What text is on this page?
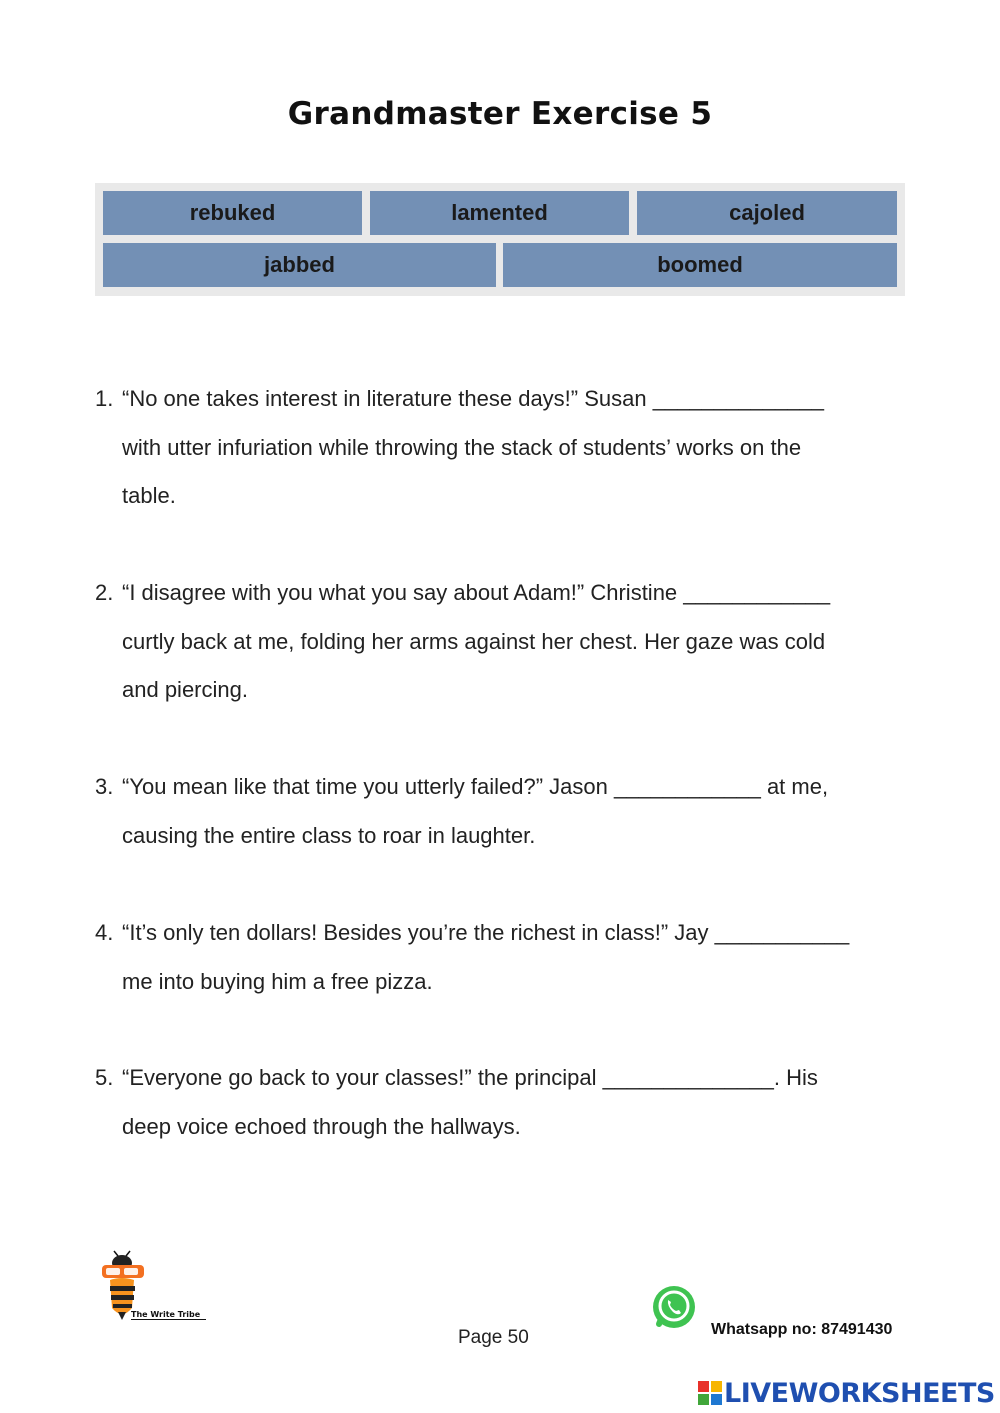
Grandmaster Exercise 5
rebuked	lamented	cajoled
jabbed	boomed
1. “No one takes interest in literature these days!” Susan ______________
with utter infuriation while throwing the stack of students’ works on the
table.
2. “I disagree with you what you say about Adam!” Christine ____________
curtly back at me, folding her arms against her chest. Her gaze was cold
and piercing.
3. “You mean like that time you utterly failed?” Jason ____________ at me,
causing the entire class to roar in laughter.
4. “It’s only ten dollars! Besides you’re the richest in class!” Jay ___________
me into buying him a free pizza.
5. “Everyone go back to your classes!” the principal ______________. His
deep voice echoed through the hallways.
The Write Tribe
Page 50	Whatsapp no: 87491430
LIVEWORKSHEETS
